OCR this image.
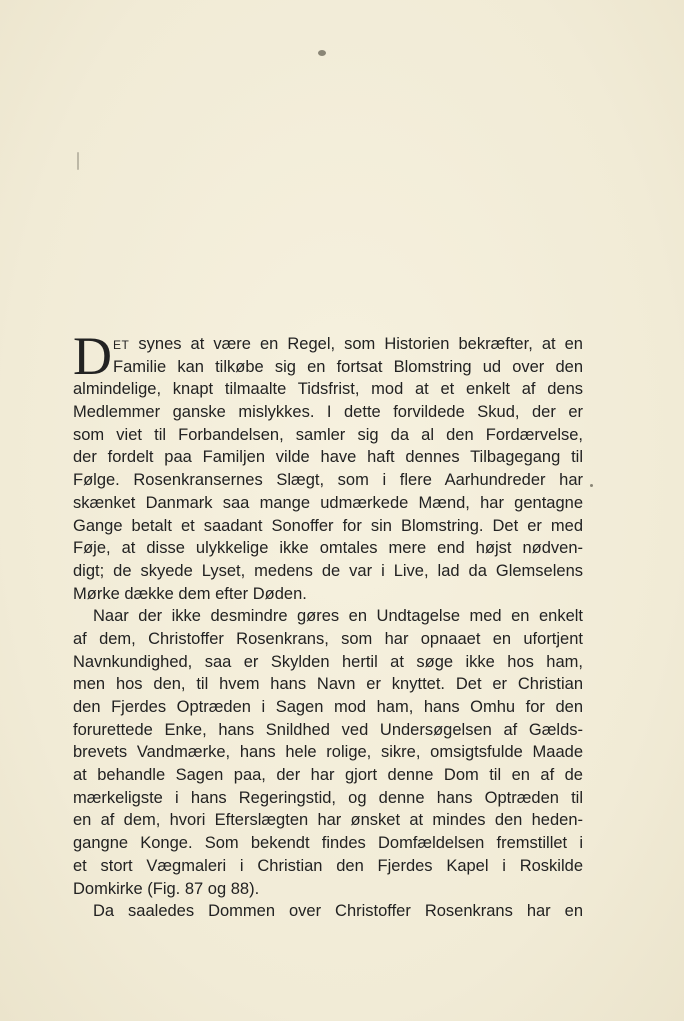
D ET synes at være en Regel, som Historien bekræfter, at en
Familie kan tilkøbe sig en fortsat Blomstring ud over den
almindelige, knapt tilmaalte Tidsfrist, mod at et enkelt af dens
Medlemmer ganske mislykkes. I dette forvildede Skud, der er
som viet til Forbandelsen, samler sig da al den Fordærvelse,
der fordelt paa Familjen vilde have haft dennes Tilbagegang til
Følge. Rosenkransernes Slægt, som i flere Aarhundreder har
skænket Danmark saa mange udmærkede Mænd, har gentagne
Gange betalt et saadant Sonoffer for sin Blomstring. Det er med
Føje, at disse ulykkelige ikke omtales mere end højst nødven-
digt; de skyede Lyset, medens de var i Live, lad da Glemselens
Mørke dække dem efter Døden.
Naar der ikke desmindre gøres en Undtagelse med en enkelt
af dem, Christoffer Rosenkrans, som har opnaaet en ufortjent
Navnkundighed, saa er Skylden hertil at søge ikke hos ham,
men hos den, til hvem hans Navn er knyttet. Det er Christian
den Fjerdes Optræden i Sagen mod ham, hans Omhu for den
forurettede Enke, hans Snildhed ved Undersøgelsen af Gælds-
brevets Vandmærke, hans hele rolige, sikre, omsigtsfulde Maade
at behandle Sagen paa, der har gjort denne Dom til en af de
mærkeligste i hans Regeringstid, og denne hans Optræden til
en af dem, hvori Efterslægten har ønsket at mindes den heden-
gangne Konge. Som bekendt findes Domfældelsen fremstillet i
et stort Vægmaleri i Christian den Fjerdes Kapel i Roskilde
Domkirke (Fig. 87 og 88).
Da saaledes Dommen over Christoffer Rosenkrans har en
